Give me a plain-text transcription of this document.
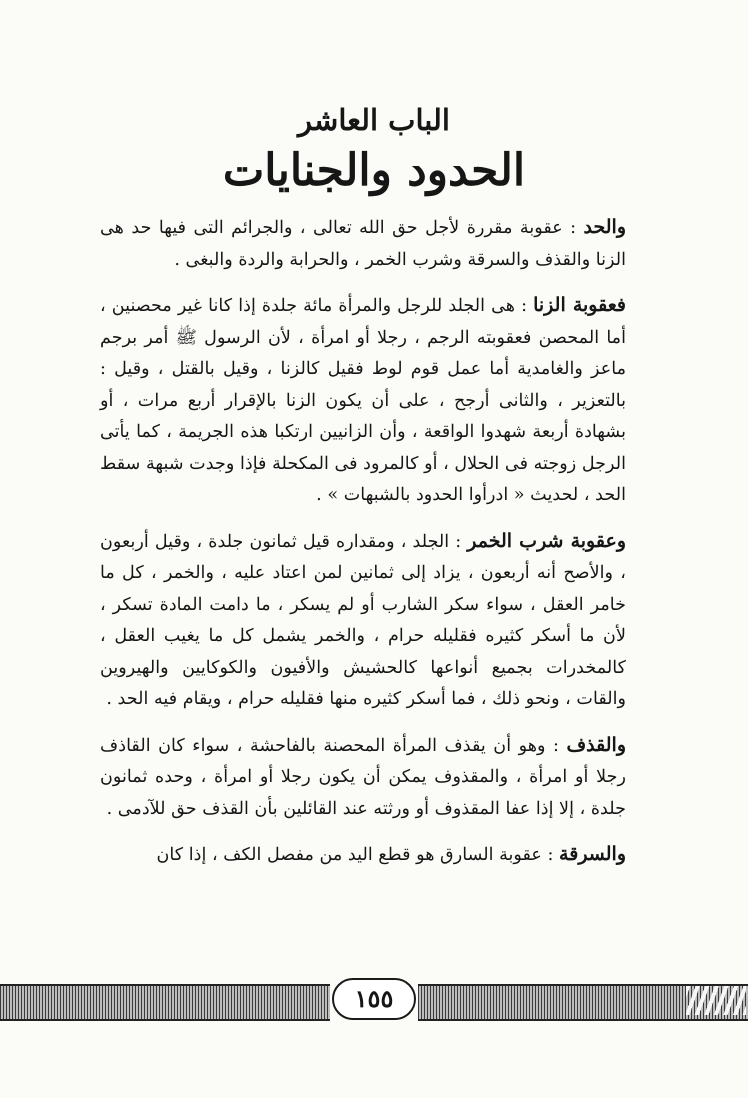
الباب العاشر
الحدود والجنايات

والحد : عقوبة مقررة لأجل حق الله تعالى ، والجرائم التى فيها حد هى الزنا والقذف والسرقة وشرب الخمر ، والحرابة والردة والبغى .

فعقوبة الزنا : هى الجلد للرجل والمرأة مائة جلدة إذا كانا غير محصنين ، أما المحصن فعقوبته الرجم ، رجلا أو امرأة ، لأن الرسول ﷺ أمر برجم ماعز والغامدية أما عمل قوم لوط فقيل كالزنا ، وقيل بالقتل ، وقيل : بالتعزير ، والثانى أرجح ، على أن يكون الزنا بالإقرار أربع مرات ، أو بشهادة أربعة شهدوا الواقعة ، وأن الزانيين ارتكبا هذه الجريمة ، كما يأتى الرجل زوجته فى الحلال ، أو كالمرود فى المكحلة فإذا وجدت شبهة سقط الحد ، لحديث « ادرأوا الحدود بالشبهات » .

وعقوبة شرب الخمر : الجلد ، ومقداره قيل ثمانون جلدة ، وقيل أربعون ، والأصح أنه أربعون ، يزاد إلى ثمانين لمن اعتاد عليه ، والخمر ، كل ما خامر العقل ، سواء سكر الشارب أو لم يسكر ، ما دامت المادة تسكر ، لأن ما أسكر كثيره فقليله حرام ، والخمر يشمل كل ما يغيب العقل ، كالمخدرات بجميع أنواعها كالحشيش والأفيون والكوكايين والهيروين والقات ، ونحو ذلك ، فما أسكر كثيره منها فقليله حرام ، ويقام فيه الحد .

والقذف : وهو أن يقذف المرأة المحصنة بالفاحشة ، سواء كان القاذف رجلا أو امرأة ، والمقذوف يمكن أن يكون رجلا أو امرأة ، وحده ثمانون جلدة ، إلا إذا عفا المقذوف أو ورثته عند القائلين بأن القذف حق للآدمى .

والسرقة : عقوبة السارق هو قطع اليد من مفصل الكف ، إذا كان

١٥٥
